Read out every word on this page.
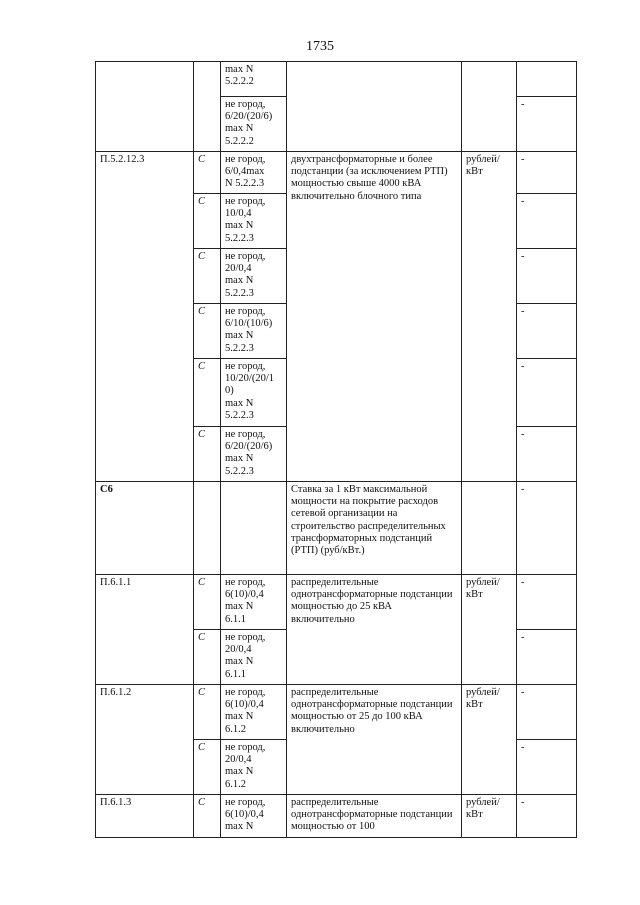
1735
		max N
5.2.2.2			
		не город,
6/20/(20/6)
max N
5.2.2.2			-
П.5.2.12.3	C	не город,
6/0,4max
N 5.2.2.3	двухтрансформаторные и более подстанции (за исключением РТП) мощностью свыше 4000 кВА включительно блочного типа	рублей/
кВт	-
	C	не город,
10/0,4
max N
5.2.2.3			-
	C	не город,
20/0,4
max N
5.2.2.3			-
	C	не город,
6/10/(10/6)
max N
5.2.2.3			-
	C	не город,
10/20/(20/1
0)
max N
5.2.2.3			-
	C	не город,
6/20/(20/6)
max N
5.2.2.3			-
С6			Ставка за 1 кВт максимальной мощности на покрытие расходов сетевой организации на строительство распределительных трансформаторных подстанций (РТП) (руб/кВт.)		-
П.6.1.1	C	не город,
6(10)/0,4
max N
6.1.1	распределительные однотрансформаторные подстанции мощностью до 25 кВА включительно	рублей/
кВт	-
	C	не город,
20/0,4
max N
6.1.1			-
П.6.1.2	C	не город,
6(10)/0,4
max N
6.1.2	распределительные однотрансформаторные подстанции мощностью от 25 до 100 кВА включительно	рублей/
кВт	-
	C	не город,
20/0,4
max N
6.1.2			-
П.6.1.3	C	не город,
6(10)/0,4
max N	распределительные однотрансформаторные подстанции мощностью от 100	рублей/
кВт	-
